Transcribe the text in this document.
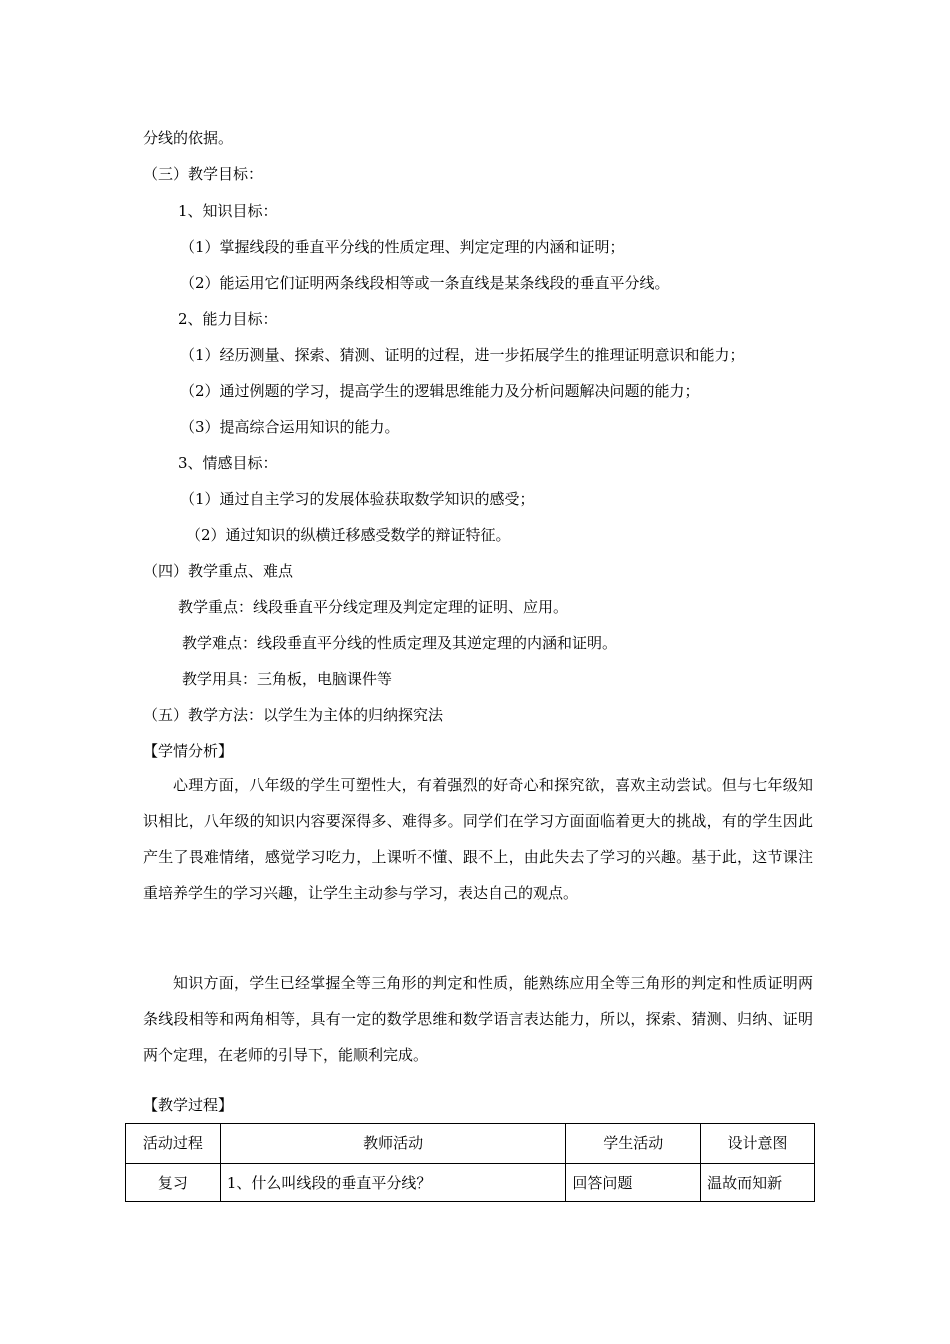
分线的依据。
（三）教学目标：
1、知识目标：
（1）掌握线段的垂直平分线的性质定理、判定定理的内涵和证明；
（2）能运用它们证明两条线段相等或一条直线是某条线段的垂直平分线。
2、能力目标：
（1）经历测量、探索、猜测、证明的过程，进一步拓展学生的推理证明意识和能力；
（2）通过例题的学习，提高学生的逻辑思维能力及分析问题解决问题的能力；
（3）提高综合运用知识的能力。
3、情感目标：
（1）通过自主学习的发展体验获取数学知识的感受；
（2）通过知识的纵横迁移感受数学的辩证特征。
（四）教学重点、难点
教学重点：线段垂直平分线定理及判定定理的证明、应用。
教学难点：线段垂直平分线的性质定理及其逆定理的内涵和证明。
教学用具：三角板，电脑课件等
（五）教学方法：以学生为主体的归纳探究法
【学情分析】
心理方面，八年级的学生可塑性大，有着强烈的好奇心和探究欲，喜欢主动尝试。但与七年级知识相比，八年级的知识内容要深得多、难得多。同学们在学习方面面临着更大的挑战，有的学生因此产生了畏难情绪，感觉学习吃力，上课听不懂、跟不上，由此失去了学习的兴趣。基于此，这节课注重培养学生的学习兴趣，让学生主动参与学习，表达自己的观点。
知识方面，学生已经掌握全等三角形的判定和性质，能熟练应用全等三角形的判定和性质证明两条线段相等和两角相等，具有一定的数学思维和数学语言表达能力，所以，探索、猜测、归纳、证明两个定理，在老师的引导下，能顺利完成。
【教学过程】
活动过程	教师活动	学生活动	设计意图

复习	1、什么叫线段的垂直平分线？	回答问题	温故而知新
